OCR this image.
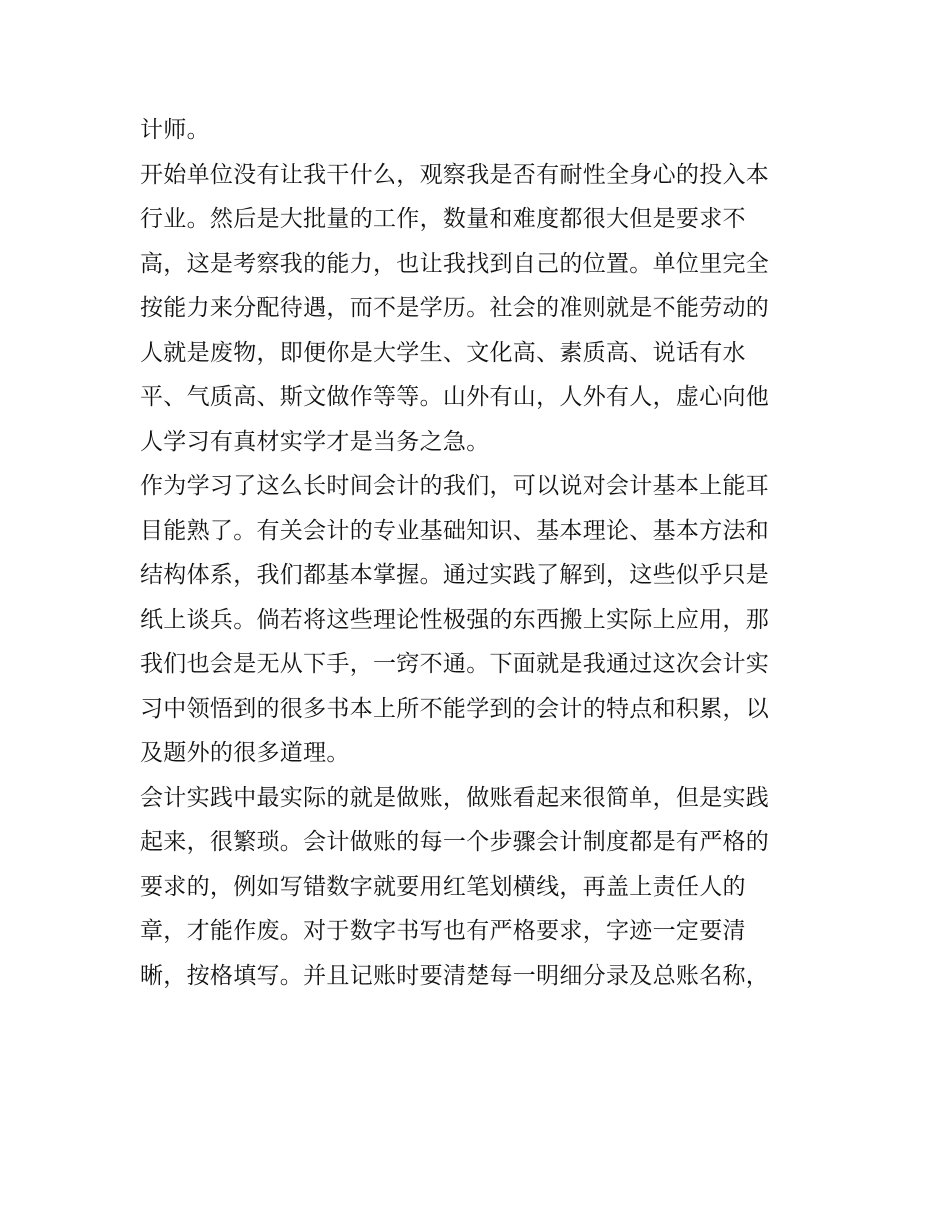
计师。
开始单位没有让我干什么，观察我是否有耐性全身心的投入本
行业。然后是大批量的工作，数量和难度都很大但是要求不
高，这是考察我的能力，也让我找到自己的位置。单位里完全
按能力来分配待遇，而不是学历。社会的准则就是不能劳动的
人就是废物，即便你是大学生、文化高、素质高、说话有水
平、气质高、斯文做作等等。山外有山，人外有人，虚心向他
人学习有真材实学才是当务之急。
作为学习了这么长时间会计的我们，可以说对会计基本上能耳
目能熟了。有关会计的专业基础知识、基本理论、基本方法和
结构体系，我们都基本掌握。通过实践了解到，这些似乎只是
纸上谈兵。倘若将这些理论性极强的东西搬上实际上应用，那
我们也会是无从下手，一窍不通。下面就是我通过这次会计实
习中领悟到的很多书本上所不能学到的会计的特点和积累，以
及题外的很多道理。
会计实践中最实际的就是做账，做账看起来很简单，但是实践
起来，很繁琐。会计做账的每一个步骤会计制度都是有严格的
要求的，例如写错数字就要用红笔划横线，再盖上责任人的
章，才能作废。对于数字书写也有严格要求，字迹一定要清
晰，按格填写。并且记账时要清楚每一明细分录及总账名称，
